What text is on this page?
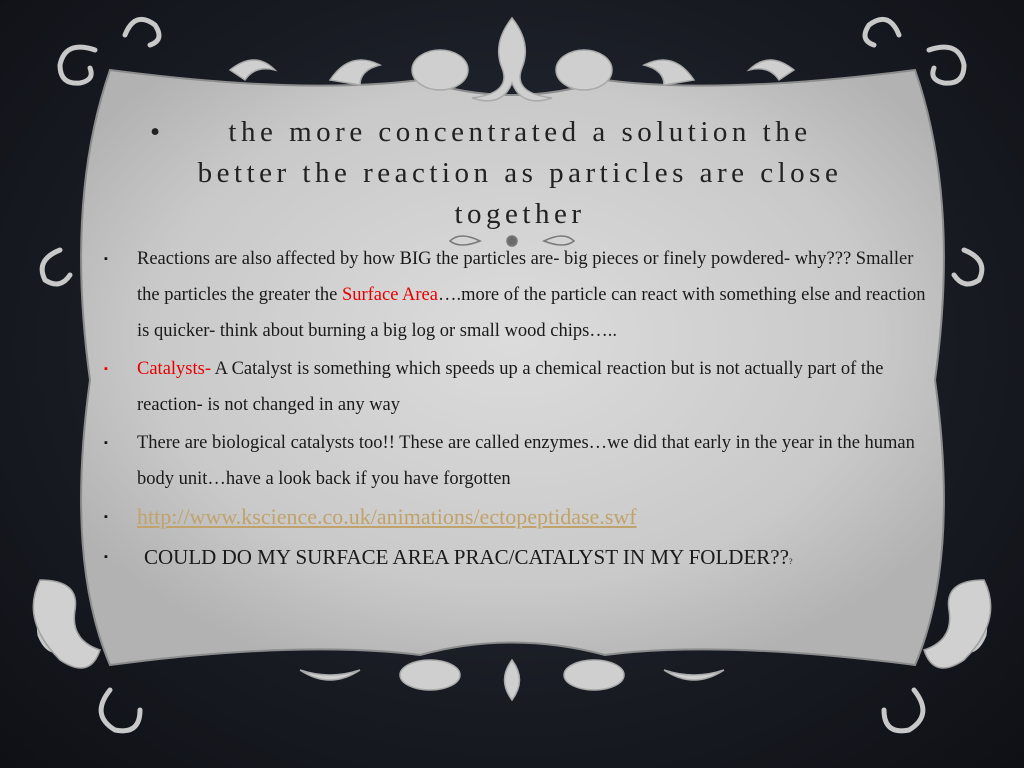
•	the more concentrated a solution the better the reaction as particles are close together
▪ Reactions are also affected by how BIG the particles are- big pieces or finely powdered- why??? Smaller the particles the greater the Surface Area….more of the particle can react with something else and reaction is quicker- think about burning a big log or small wood chips…..
▪ Catalysts- A Catalyst is something which speeds up a chemical reaction but is not actually part of the reaction- is not changed in any way
▪ There are biological catalysts too!! These are called enzymes…we did that early in the year in the human body unit…have a look back if you have forgotten
▪ http://www.kscience.co.uk/animations/ectopeptidase.swf
▪ COULD DO MY SURFACE AREA PRAC/CATALYST IN MY FOLDER???
